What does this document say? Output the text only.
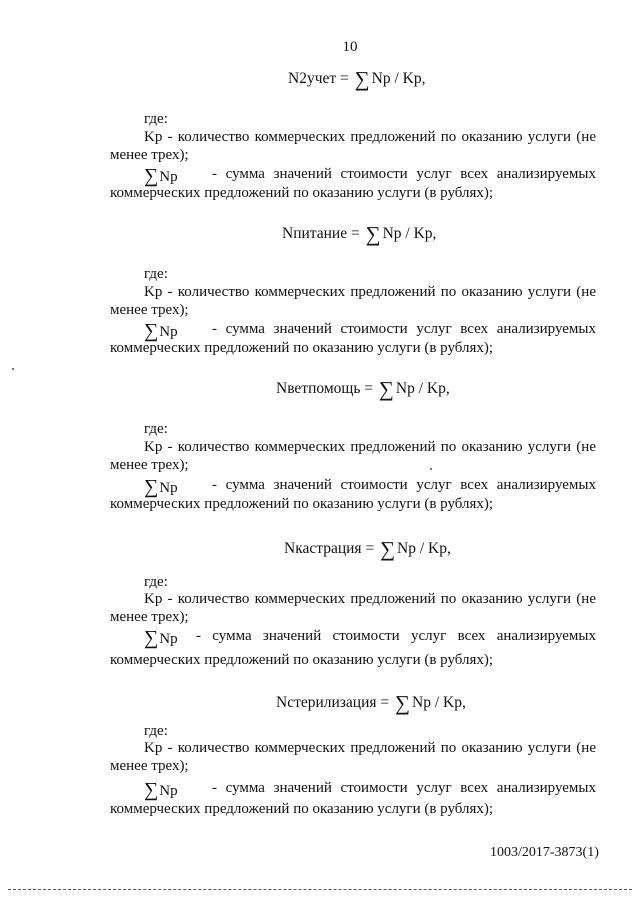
10
N2учет = ∑ Np / Kp,
где:
Kp - количество коммерческих предложений по оказанию услуги (не
менее трех);
∑Np - сумма значений стоимости услуг всех анализируемых
коммерческих предложений по оказанию услуги (в рублях);
Nпитание = ∑ Np / Kp,
где:
Kp - количество коммерческих предложений по оказанию услуги (не
менее трех);
∑Np - сумма значений стоимости услуг всех анализируемых
коммерческих предложений по оказанию услуги (в рублях);
Nветпомощь = ∑ Np / Kp,
где:
Kp - количество коммерческих предложений по оказанию услуги (не
менее трех);
∑Np - сумма значений стоимости услуг всех анализируемых
коммерческих предложений по оказанию услуги (в рублях);
Nкастрация = ∑ Np / Kp,
где:
Kp - количество коммерческих предложений по оказанию услуги (не
менее трех);
∑Np - сумма значений стоимости услуг всех анализируемых
коммерческих предложений по оказанию услуги (в рублях);
Nстерилизация = ∑ Np / Kp,
где:
Kp - количество коммерческих предложений по оказанию услуги (не
менее трех);
∑Np - сумма значений стоимости услуг всех анализируемых
коммерческих предложений по оказанию услуги (в рублях);
1003/2017-3873(1)
